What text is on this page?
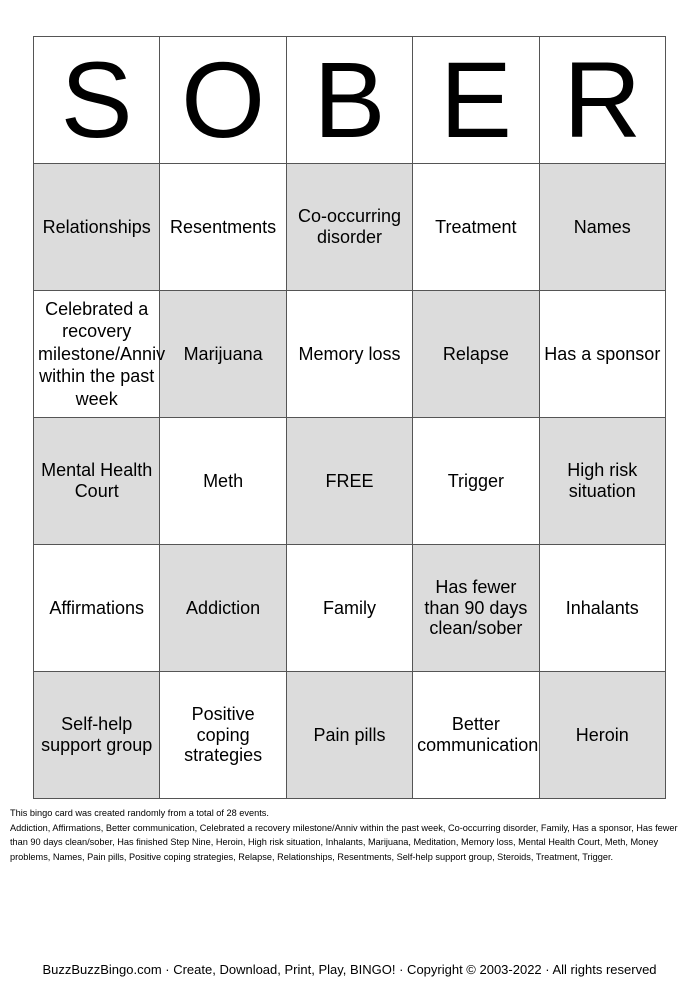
S	O	B	E	R
Relationships	Resentments	Co-occurring disorder	Treatment	Names
Celebrated a recovery milestone/Anniv within the past week	Marijuana	Memory loss	Relapse	Has a sponsor
Mental Health Court	Meth	FREE	Trigger	High risk situation
Affirmations	Addiction	Family	Has fewer than 90 days clean/sober	Inhalants
Self-help support group	Positive coping strategies	Pain pills	Better communication	Heroin

This bingo card was created randomly from a total of 28 events.

Addiction, Affirmations, Better communication, Celebrated a recovery milestone/Anniv within the past week, Co-occurring disorder, Family, Has a sponsor, Has fewer than 90 days clean/sober, Has finished Step Nine, Heroin, High risk situation, Inhalants, Marijuana, Meditation, Memory loss, Mental Health Court, Meth, Money problems, Names, Pain pills, Positive coping strategies, Relapse, Relationships, Resentments, Self-help support group, Steroids, Treatment, Trigger.

BuzzBuzzBingo.com · Create, Download, Print, Play, BINGO! · Copyright © 2003-2022 · All rights reserved
